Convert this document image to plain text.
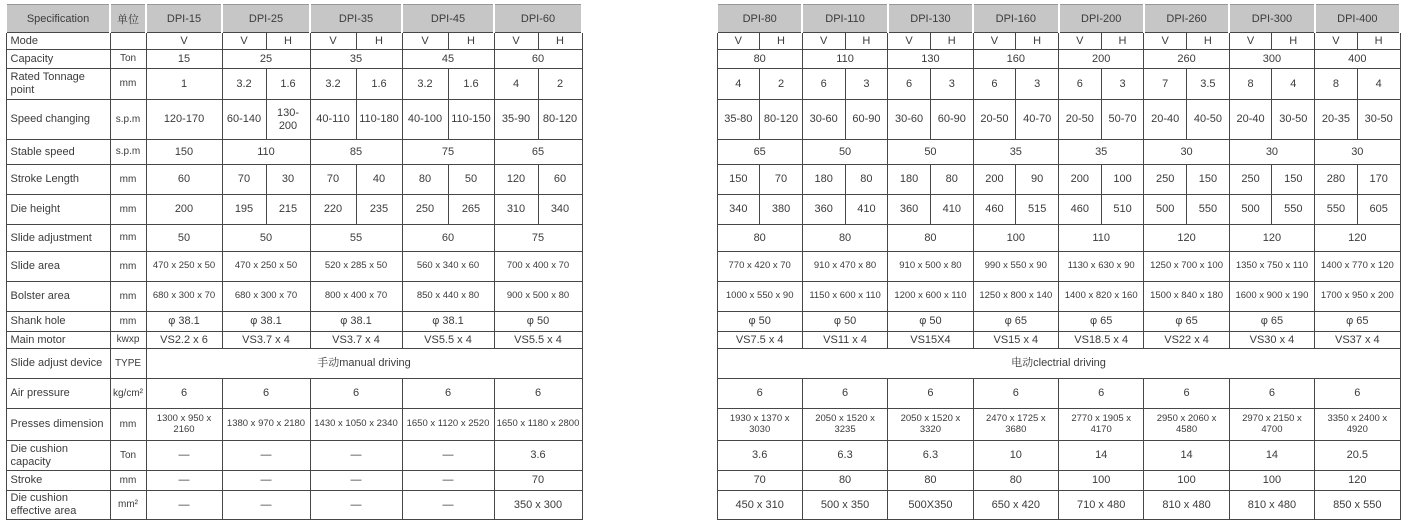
Specification	单位	DPI-15	DPI-25		DPI-35		DPI-45		DPI-60	
Mode		V	V	H	V	H	V	H	V	H
Capacity	Ton	15	25		35		45		60	
Rated Tonnage point	mm	1	3.2	1.6	3.2	1.6	3.2	1.6	4	2
Speed changing	s.p.m	120-170	60-140	130-200	40-110	110-180	40-100	110-150	35-90	80-120
Stable speed	s.p.m	150	110		85		75		65	
Stroke Length	mm	60	70	30	70	40	80	50	120	60
Die height	mm	200	195	215	220	235	250	265	310	340
Slide adjustment	mm	50	50		55		60		75	
Slide area	mm	470 x 250 x 50	470 x 250 x 50		520 x 285 x 50		560 x 340 x 60		700 x 400 x 70	
Bolster area	mm	680 x 300 x 70	680 x 300 x 70		800 x 400 x 70		850 x 440 x 80		900 x 500 x 80	
Shank hole	mm	φ 38.1	φ 38.1		φ 38.1		φ 38.1		φ 50	
Main motor	kwxp	VS2.2 x 6	VS3.7 x 4		VS3.7 x 4		VS5.5 x 4		VS5.5 x 4	
Slide adjust device	TYPE	手动manual driving								
Air pressure	kg/cm²	6	6		6		6		6	
Presses dimension	mm	1300 x 950 x 2160	1380 x 970 x 2180		1430 x 1050 x 2340		1650 x 1120 x 2520		1650 x 1180 x 2800	
Die cushion capacity	Ton	—	—		—		—		3.6	
Stroke	mm	—	—		—		—		70	
Die cushion effective area	mm²	—	—		—		—		350 x 300	
DPI-80		DPI-110		DPI-130		DPI-160		DPI-200		DPI-260		DPI-300		DPI-400	
V	H	V	H	V	H	V	H	V	H	V	H	V	H	V	H
80		110		130		160		200		260		300		400	
4	2	6	3	6	3	6	3	6	3	7	3.5	8	4	8	4
35-80	80-120	30-60	60-90	30-60	60-90	20-50	40-70	20-50	50-70	20-40	40-50	20-40	30-50	20-35	30-50
65		50		50		35		35		30		30		30	
150	70	180	80	180	80	200	90	200	100	250	150	250	150	280	170
340	380	360	410	360	410	460	515	460	510	500	550	500	550	550	605
80		80		80		100		110		120		120		120	
770 x 420 x 70		910 x 470 x 80		910 x 500 x 80		990 x 550 x 90		1130 x 630 x 90		1250 x 700 x 100		1350 x 750 x 110		1400 x 770 x 120	
1000 x 550 x 90		1150 x 600 x 110		1200 x 600 x 110		1250 x 800 x 140		1400 x 820 x 160		1500 x 840 x 180		1600 x 900 x 190		1700 x 950 x 200	
φ 50		φ 50		φ 50		φ 65		φ 65		φ 65		φ 65		φ 65	
VS7.5 x 4		VS11 x 4		VS15X4		VS15 x 4		VS18.5 x 4		VS22 x 4		VS30 x 4		VS37 x 4	
电动clectrial driving															
6		6		6		6		6		6		6		6	
1930 x 1370 x 3030		2050 x 1520 x 3235		2050 x 1520 x 3320		2470 x 1725 x 3680		2770 x 1905 x 4170		2950 x 2060 x 4580		2970 x 2150 x 4700		3350 x 2400 x 4920	
3.6		6.3		6.3		10		14		14		14		20.5	
70		80		80		80		100		100		100		120	
450 x 310		500 x 350		500X350		650 x 420		710 x 480		810 x 480		810 x 480		850 x 550	
